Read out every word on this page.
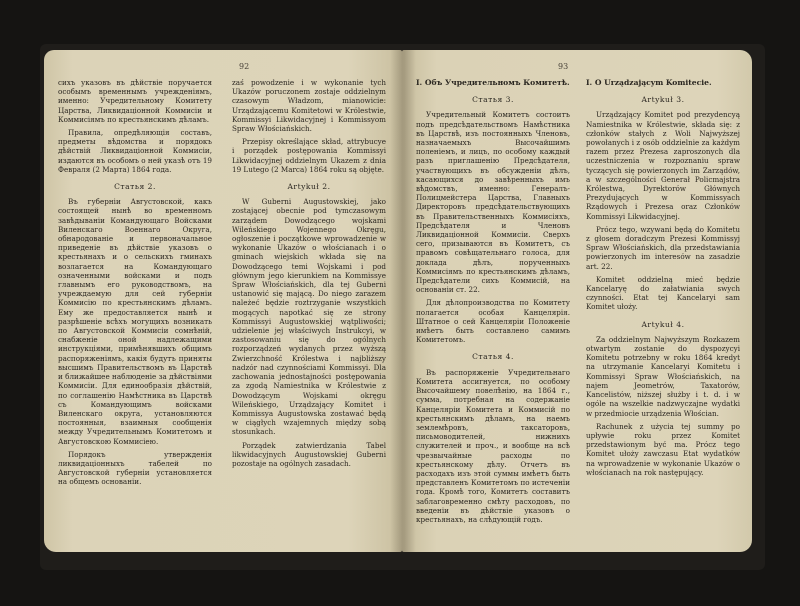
92

сихъ указовъ въ дѣйствіе поручается особымъ временнымъ учрежденіямъ, именно: Учредительному Комитету Царства, Ликвидаціонной Коммисіи и Коммисіямъ по крестьянскимъ дѣламъ.

Правила, опредѣляющія составъ, предметы вѣдомства и порядокъ дѣйствій Ликвидаціонной Коммисіи, издаются въ особомъ о ней указѣ отъ 19 Февраля (2 Марта) 1864 года.

Статья 2.

Въ губерніи Августовской, какъ состоящей нынѣ во временномъ завѣдываніи Командующаго Войсками Виленскаго Военнаго Округа, обнародованіе и первоначальное приведеніе въ дѣйствіе указовъ о крестьянахъ и о сельскихъ гминахъ возлагается на Командующаго означенными войсками и подъ главнымъ его руководствомъ, на учреждаемую для сей губерніи Коммисію по крестьянскимъ дѣламъ. Ему же предоставляется нынѣ и разрѣшеніе всѣхъ могущихъ возникать по Августовской Коммисіи сомнѣній, снабженіе оной надлежащими инструкціями, примѣнявшихъ общимъ распоряженіямъ, какія будутъ приняты высшимъ Правительствомъ въ Царствѣ и ближайшее наблюденіе за дѣйствіями Коммисіи. Для единообразія дѣйствій, по соглашенію Намѣстника въ Царствѣ съ Командующимъ войсками Виленскаго округа, установляются постоянныя, взаимныя сообщенія между Учредительнымъ Комитетомъ и Августовскою Коммисіею.

Порядокъ утвержденія ликвидаціонныхъ табелей по Августовской губерніи установляется на общемъ основаніи.

zaś powodzenie i w wykonanie tych Ukazów poruczonem zostaje oddzielnym czasowym Władzom, mianowicie: Urządzającemu Komitetowi w Królestwie, Kommissyi Likwidacyjnej i Kommissyom Spraw Włościańskich.

Przepisy określające skład, attrybucye i porządek postępowania Kommissyi Likwidacyjnej oddzielnym Ukazem z dnia 19 Lutego (2 Marca) 1864 roku są objęte.

Artykuł 2.

W Guberni Augustowskiej, jako zostającej obecnie pod tymczasowym zarządem Dowodzącego wojskami Wileńskiego Wojennego Okręgu, ogłoszenie i początkowe wprowadzenie w wykonanie Ukazów o włościanach i o gminach wiejskich wkłada się na Dowodzącego temi Wojskami i pod głównym jego kierunkiem na Kommissye Spraw Włościańskich, dla tej Guberni ustanowić się mającą. Do niego zarazem należeć będzie roztrzyganie wszystkich mogących napotkać się ze strony Kommissyi Augustowskiej wątpliwości; udzielenie jej właściwych Instrukcyi, w zastosowaniu się do ogólnych rozporządzeń wydanych przez wyższą Zwierzchność Królestwa i najbliższy nadzór nad czynnościami Kommissyi. Dla zachowania jednostajności postępowania za zgodą Namiestnika w Królestwie z Dowodzącym Wojskami okręgu Wileńskiego, Urządzający Komitet i Kommissya Augustowska zostawać będą w ciągłych wzajemnych między sobą stosunkach.

Porządek zatwierdzania Tabel likwidacyjnych Augustowskiej Guberni pozostaje na ogólnych zasadach.

93
I. Объ Учредительномъ Комитетѣ.
Статья 3.

Учредительный Комитетъ состоитъ подъ предсѣдательствомъ Намѣстника въ Царствѣ, изъ постоянныхъ Членовъ, назначаемыхъ Высочайшимъ поленіемъ, и лицъ, по особому каждый разъ приглашенію Предсѣдателя, участвующихъ въ обсужденіи дѣлъ, касающихся до завѣренныхъ имъ вѣдомствъ, именно: Генералъ-Полицмейстера Царства, Главныхъ Директоровъ предсѣдательствующихъ въ Правительственныхъ Коммисіяхъ, Предсѣдателя и Членовъ Ликвидаціонной Коммисіи. Сверхъ сего, призываются въ Комитетъ, съ правомъ совѣщательнаго голоса, для доклада дѣлъ, порученныхъ Коммисіямъ по крестьянскимъ дѣламъ, Предсѣдатели сихъ Коммисій, на основаніи ст. 22.

Для дѣлопроизводства по Комитету полагается особая Канцелярія. Штатное о сей Канцеляріи Положеніе имѣетъ быть составлено самимъ Комитетомъ.

Статья 4.

Въ распоряженіе Учредительнаго Комитета ассигнуется, по особому Высочайшему повелѣнію, на 1864 г., сумма, потребная на содержаніе Канцеляріи Комитета и Коммисій по крестьянскимъ дѣламъ, на наемъ землемѣровъ, таксаторовъ, письмоводителей, нижнихъ служителей и проч., и вообще на всѣ чрезвычайные расходы по крестьянскому дѣлу. Отчетъ въ расходахъ изъ этой суммы имѣетъ быть представленъ Комитетомъ по истеченіи года. Кромѣ того, Комитетъ составитъ заблаговременно смѣту расходовъ, по введеніи въ дѣйствіе указовъ о крестьянахъ, на слѣдующій годъ.

I. O Urządzającym Komitecie.
Artykuł 3.

Urządzający Komitet pod prezydencyą Namiestnika w Królestwie, składa się: z członków stałych z Woli Najwyższej powołanych i z osób oddzielnie za każdym razem przez Prezesa zaproszonych dla uczestniczenia w rozpoznaniu spraw tyczących się powierzonych im Zarządów, a w szczególności Generał Policmajstra Królestwa, Dyrektorów Głównych Prezydujących w Kommissyach Rządowych i Prezesa oraz Członków Kommissyi Likwidacyjnej.

Prócz tego, wzywani będą do Komitetu z głosem doradczym Prezesi Kommissyj Spraw Włościańskich, dla przedstawiania powierzonych im interesów na zasadzie art. 22.

Komitet oddzielną mieć będzie Kancelaryę do załatwiania swych czynności. Etat tej Kancelaryi sam Komitet ułoży.

Artykuł 4.

Za oddzielnym Najwyższym Rozkazem otwartym zostanie do dyspozycyi Komitetu potrzebny w roku 1864 kredyt na utrzymanie Kancelaryi Komitetu i Kommissyi Spraw Włościańskich, na najem Jeometrów, Taxatorów, Kancelistów, niższej służby i t. d. i w ogóle na wszelkie nadzwyczajne wydatki w przedmiocie urządzenia Włościan.

Rachunek z użycia tej summy po upływie roku przez Komitet przedstawionym być ma. Prócz tego Komitet ułoży zawczasu Etat wydatków na wprowadzenie w wykonanie Ukazów o włościanach na rok następujący.
